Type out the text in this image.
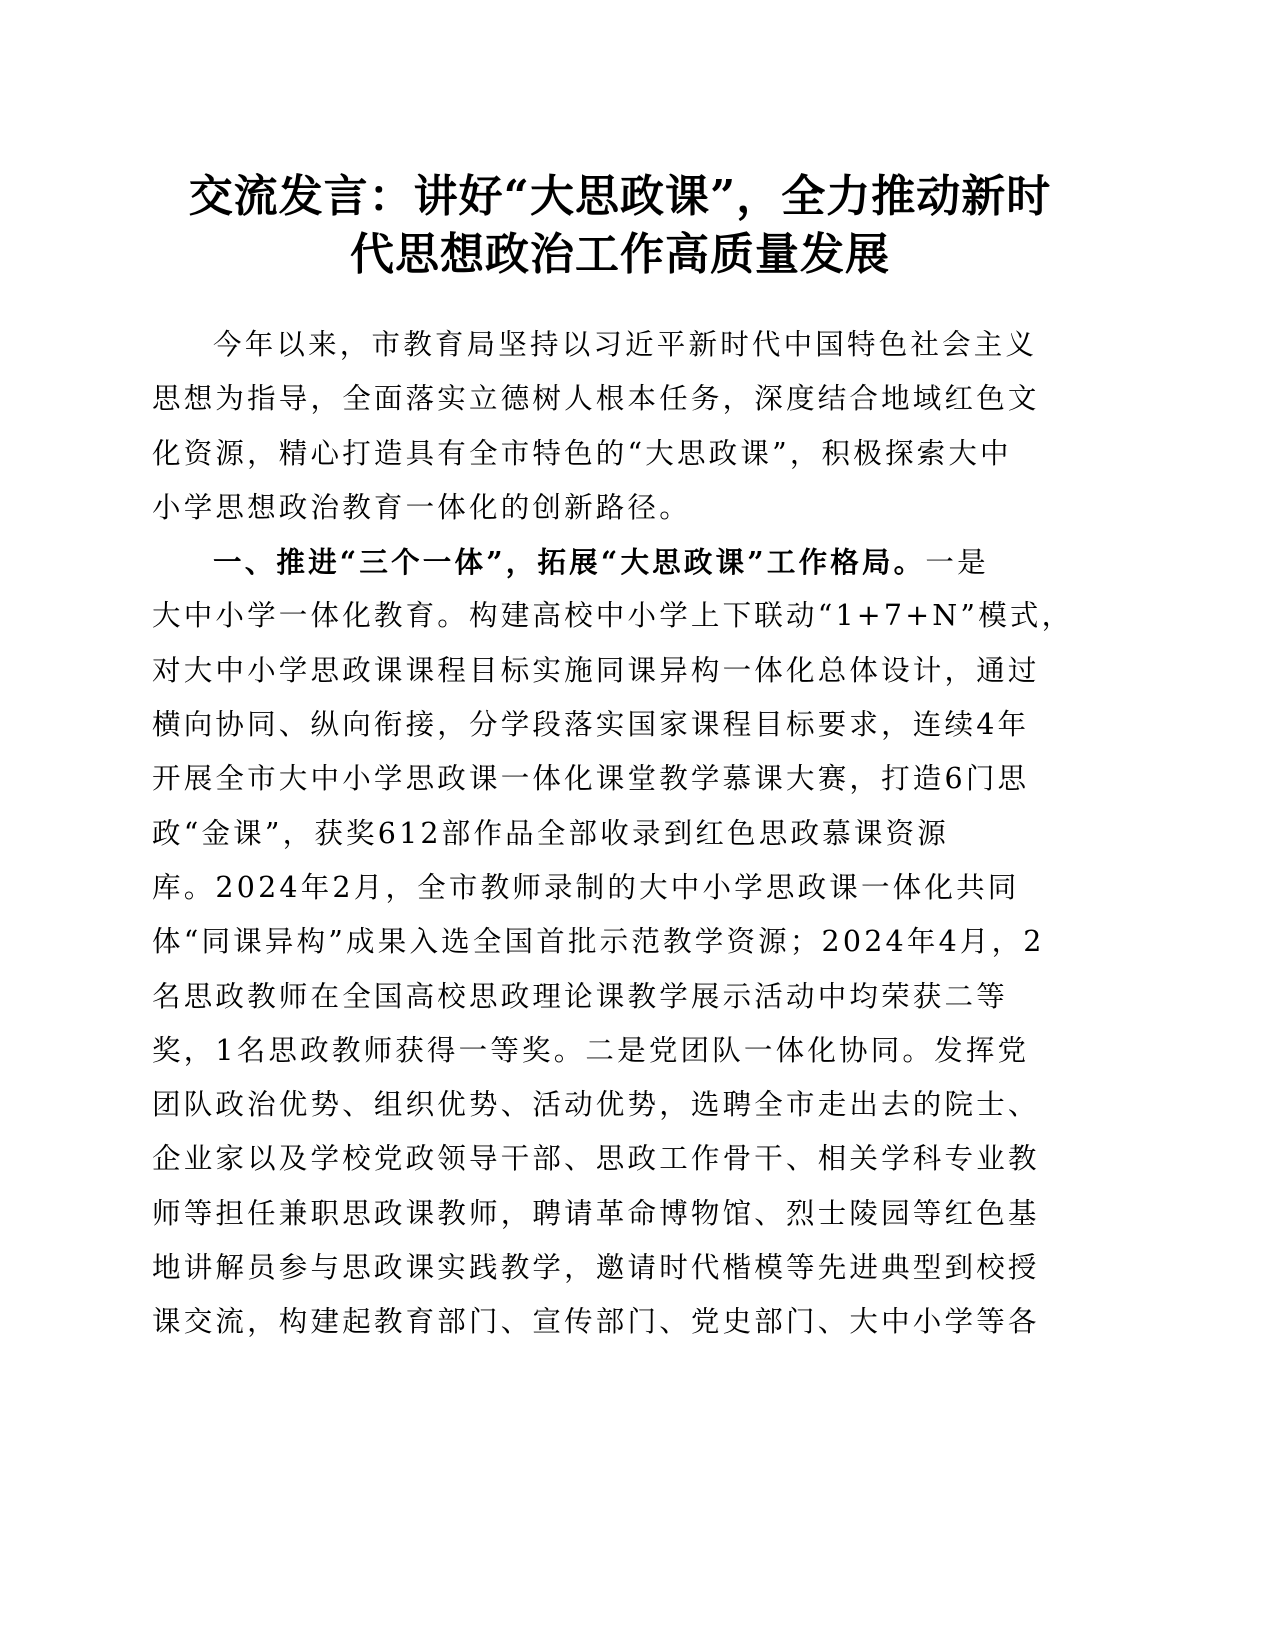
交流发言：讲好“大思政课”，全力推动新时
代思想政治工作高质量发展
今年以来，市教育局坚持以习近平新时代中国特色社会主义
思想为指导，全面落实立德树人根本任务，深度结合地域红色文
化资源，精心打造具有全市特色的“大思政课”，积极探索大中
小学思想政治教育一体化的创新路径。
一、推进“三个一体”，拓展“大思政课”工作格局。一是
大中小学一体化教育。构建高校中小学上下联动“1+7+N”模式，
对大中小学思政课课程目标实施同课异构一体化总体设计，通过
横向协同、纵向衔接，分学段落实国家课程目标要求，连续4年
开展全市大中小学思政课一体化课堂教学慕课大赛，打造6门思
政“金课”，获奖612部作品全部收录到红色思政慕课资源
库。2024年2月，全市教师录制的大中小学思政课一体化共同
体“同课异构”成果入选全国首批示范教学资源；2024年4月，2
名思政教师在全国高校思政理论课教学展示活动中均荣获二等
奖，1名思政教师获得一等奖。二是党团队一体化协同。发挥党
团队政治优势、组织优势、活动优势，选聘全市走出去的院士、
企业家以及学校党政领导干部、思政工作骨干、相关学科专业教
师等担任兼职思政课教师，聘请革命博物馆、烈士陵园等红色基
地讲解员参与思政课实践教学，邀请时代楷模等先进典型到校授
课交流，构建起教育部门、宣传部门、党史部门、大中小学等各
